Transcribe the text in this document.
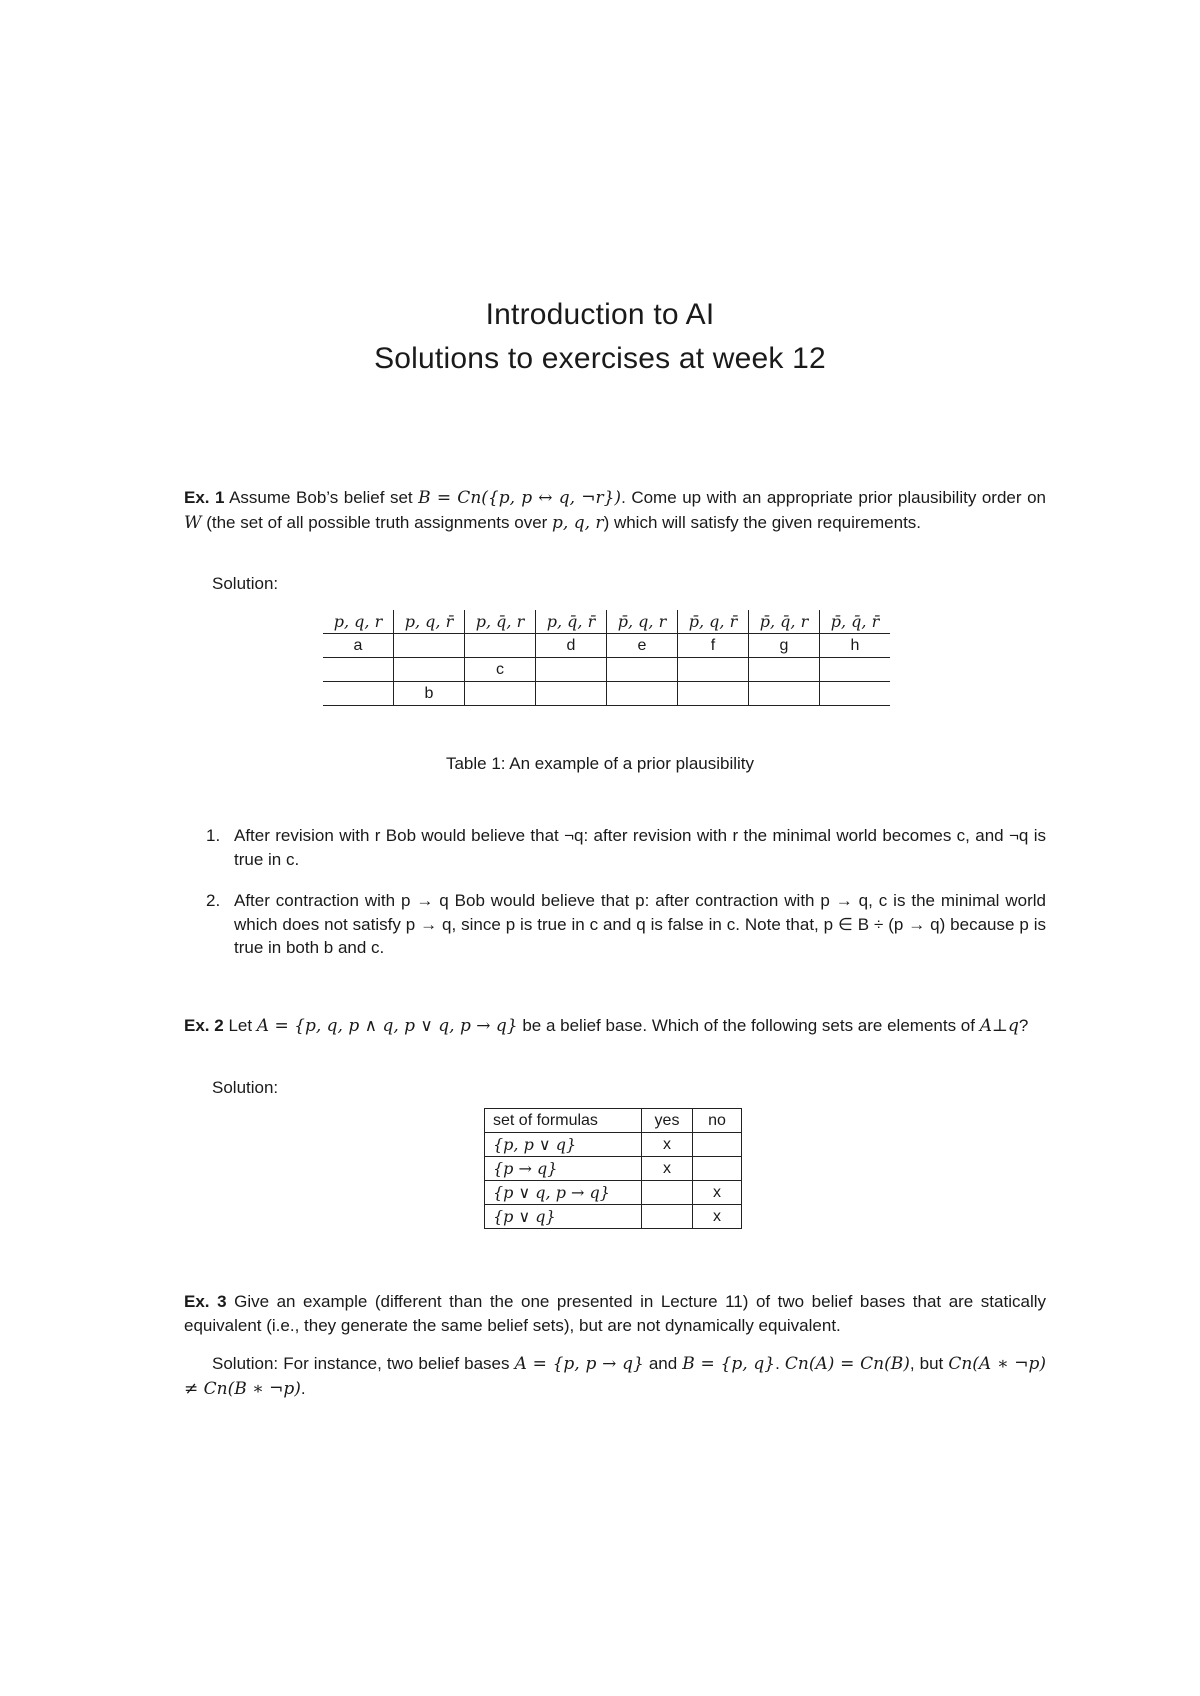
Introduction to AI
Solutions to exercises at week 12
Ex. 1 Assume Bob’s belief set B = Cn({p, p ↔ q, ¬r}). Come up with an appropriate prior plausibility order on W (the set of all possible truth assignments over p, q, r) which will satisfy the given requirements.
Solution:
p, q, r	p, q, r̄	p, q̄, r	p, q̄, r̄	p̄, q, r	p̄, q, r̄	p̄, q̄, r	p̄, q̄, r̄
a			d	e	f	g	h
		c					
	b						
Table 1: An example of a prior plausibility
1. After revision with r Bob would believe that ¬q: after revision with r the minimal world becomes c, and ¬q is true in c.
2. After contraction with p → q Bob would believe that p: after contraction with p → q, c is the minimal world which does not satisfy p → q, since p is true in c and q is false in c. Note that, p ∈ B ÷ (p → q) because p is true in both b and c.
Ex. 2 Let A = {p, q, p ∧ q, p ∨ q, p → q} be a belief base. Which of the following sets are elements of A⊥q?
Solution:
set of formulas	yes	no
{p, p ∨ q}	x	
{p → q}	x	
{p ∨ q, p → q}		x
{p ∨ q}		x
Ex. 3 Give an example (different than the one presented in Lecture 11) of two belief bases that are statically equivalent (i.e., they generate the same belief sets), but are not dynamically equivalent.
Solution: For instance, two belief bases A = {p, p → q} and B = {p, q}. Cn(A) = Cn(B), but Cn(A ∗ ¬p) ≠ Cn(B ∗ ¬p).
